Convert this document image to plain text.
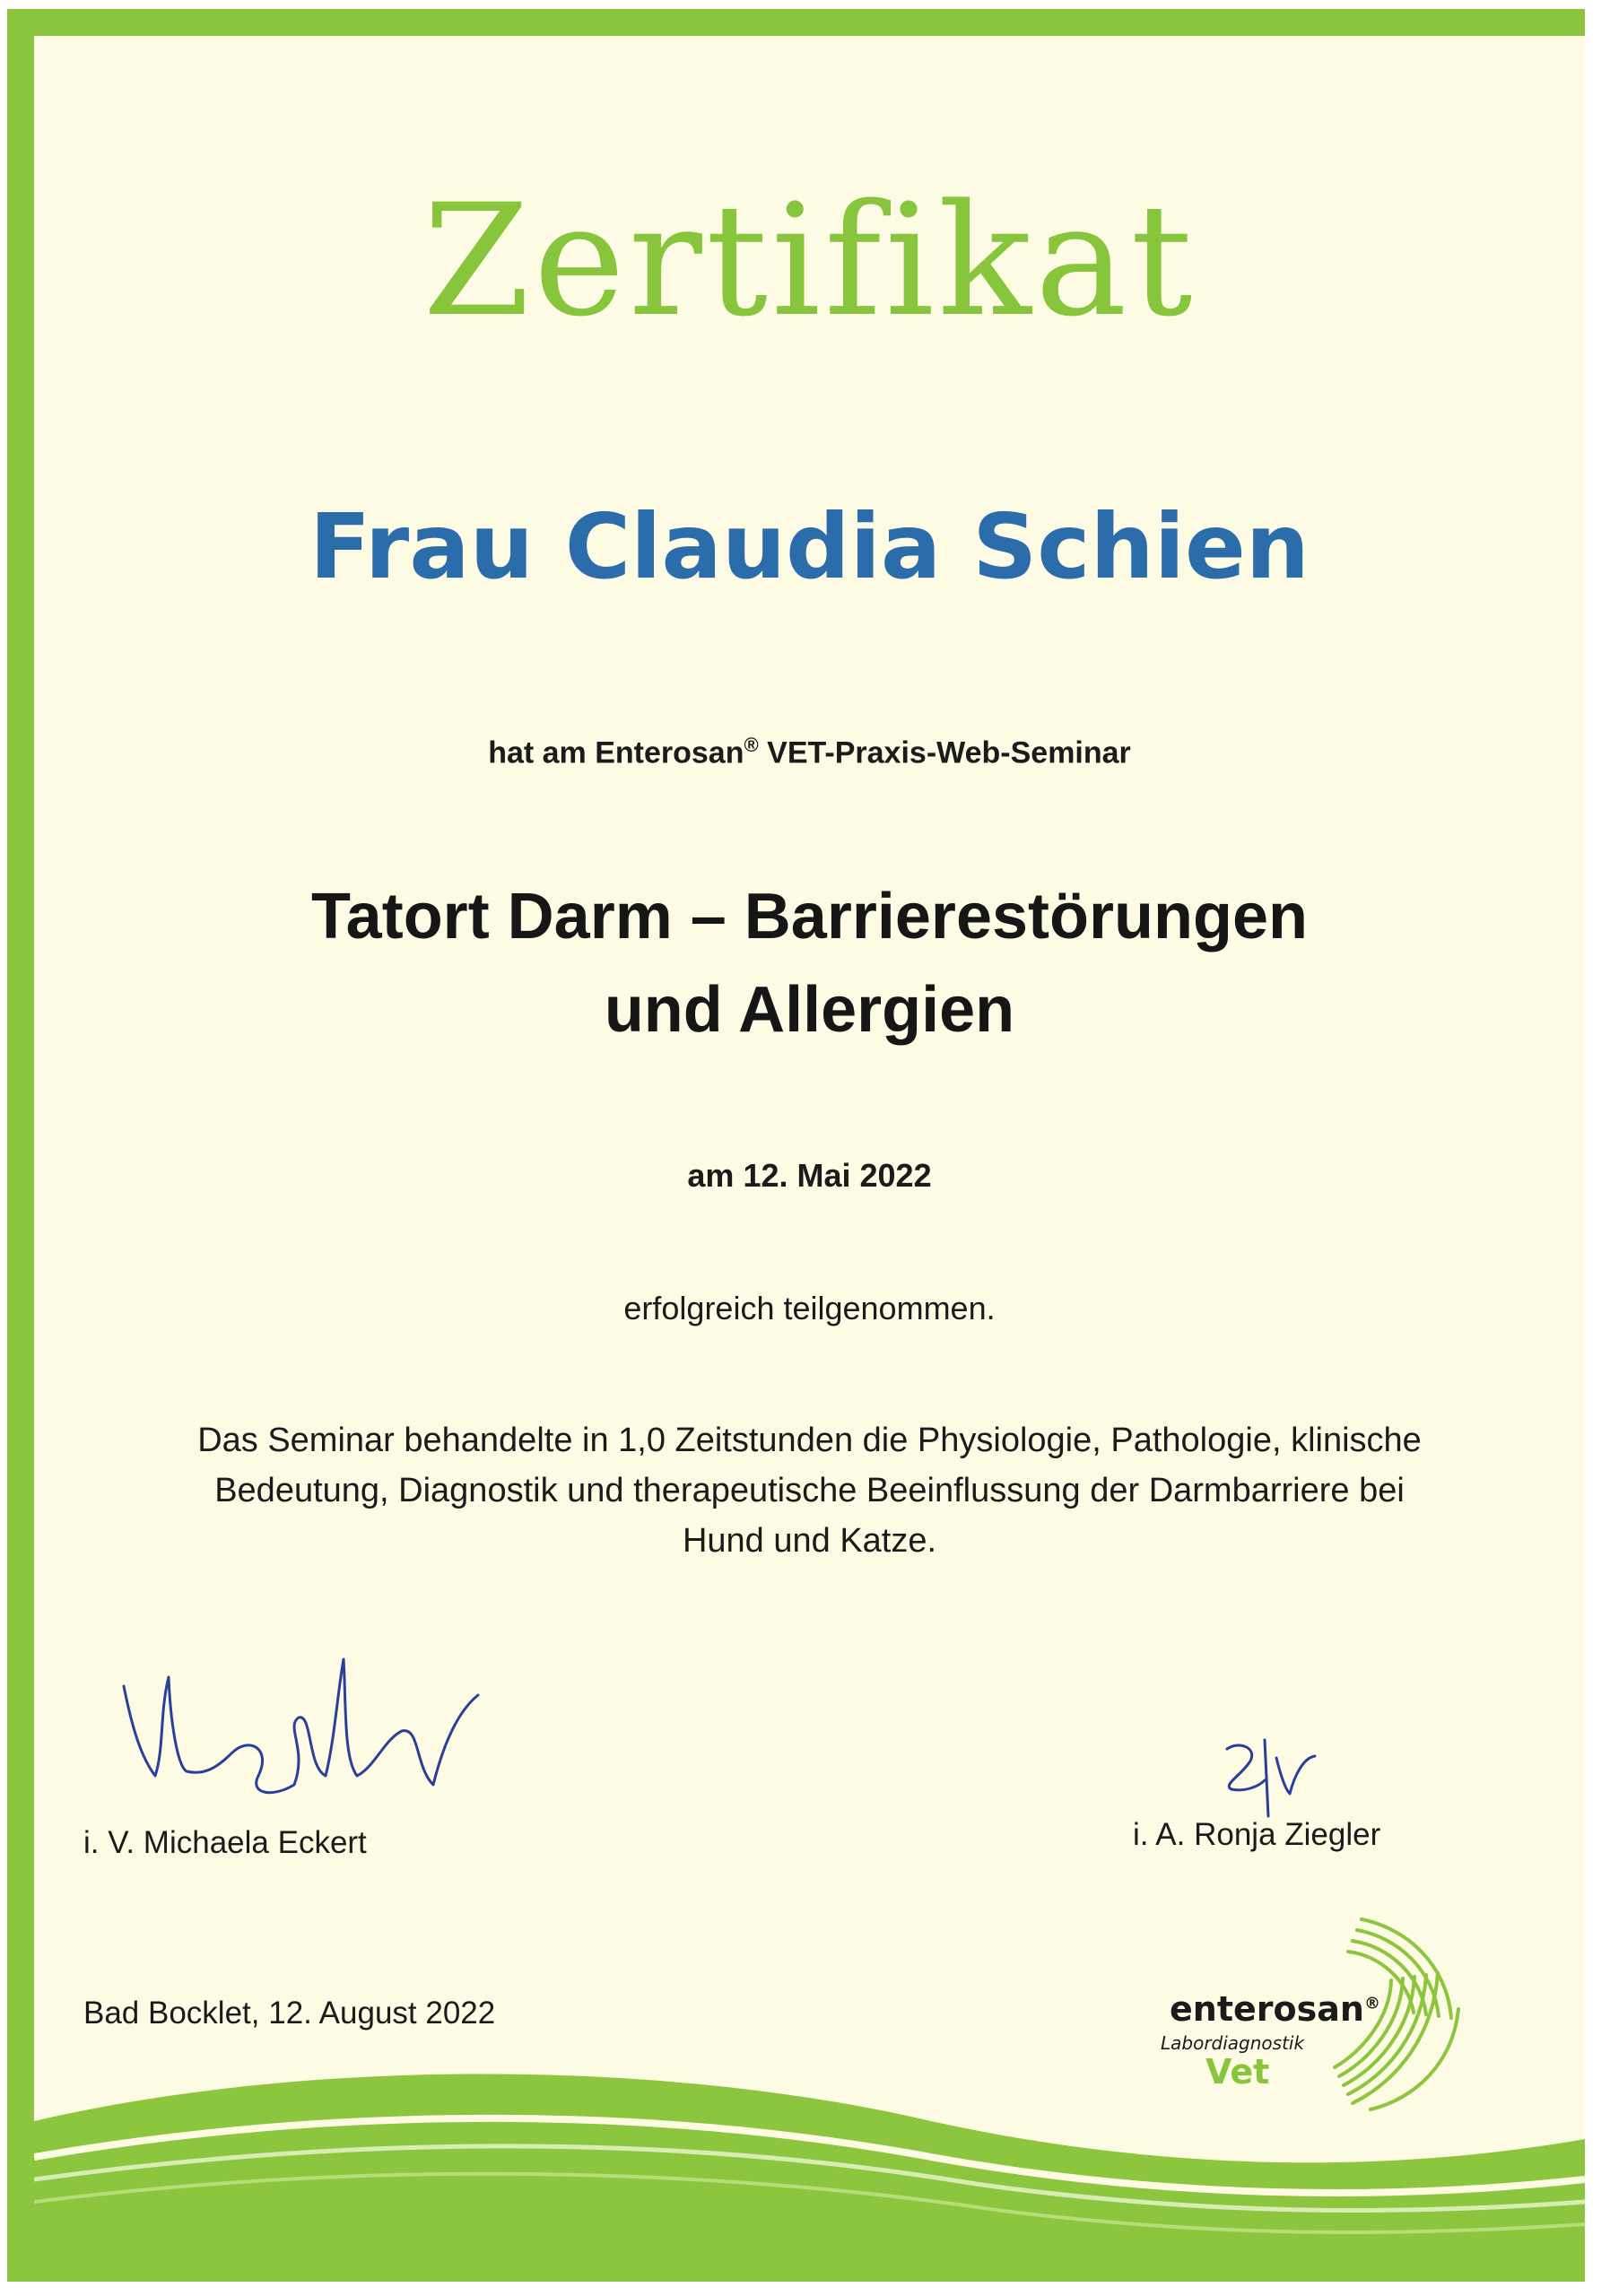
Zertifikat
Frau Claudia Schien
hat am Enterosan® VET-Praxis-Web-Seminar
Tatort Darm – Barrierestörungen
und Allergien
am 12. Mai 2022
erfolgreich teilgenommen.
Das Seminar behandelte in 1,0 Zeitstunden die Physiologie, Pathologie, klinische
Bedeutung, Diagnostik und therapeutische Beeinflussung der Darmbarriere bei
Hund und Katze.
i. V. Michaela Eckert	i. A. Ronja Ziegler
Bad Bocklet, 12. August 2022	enterosan®
Labordiagnostik
Vet
